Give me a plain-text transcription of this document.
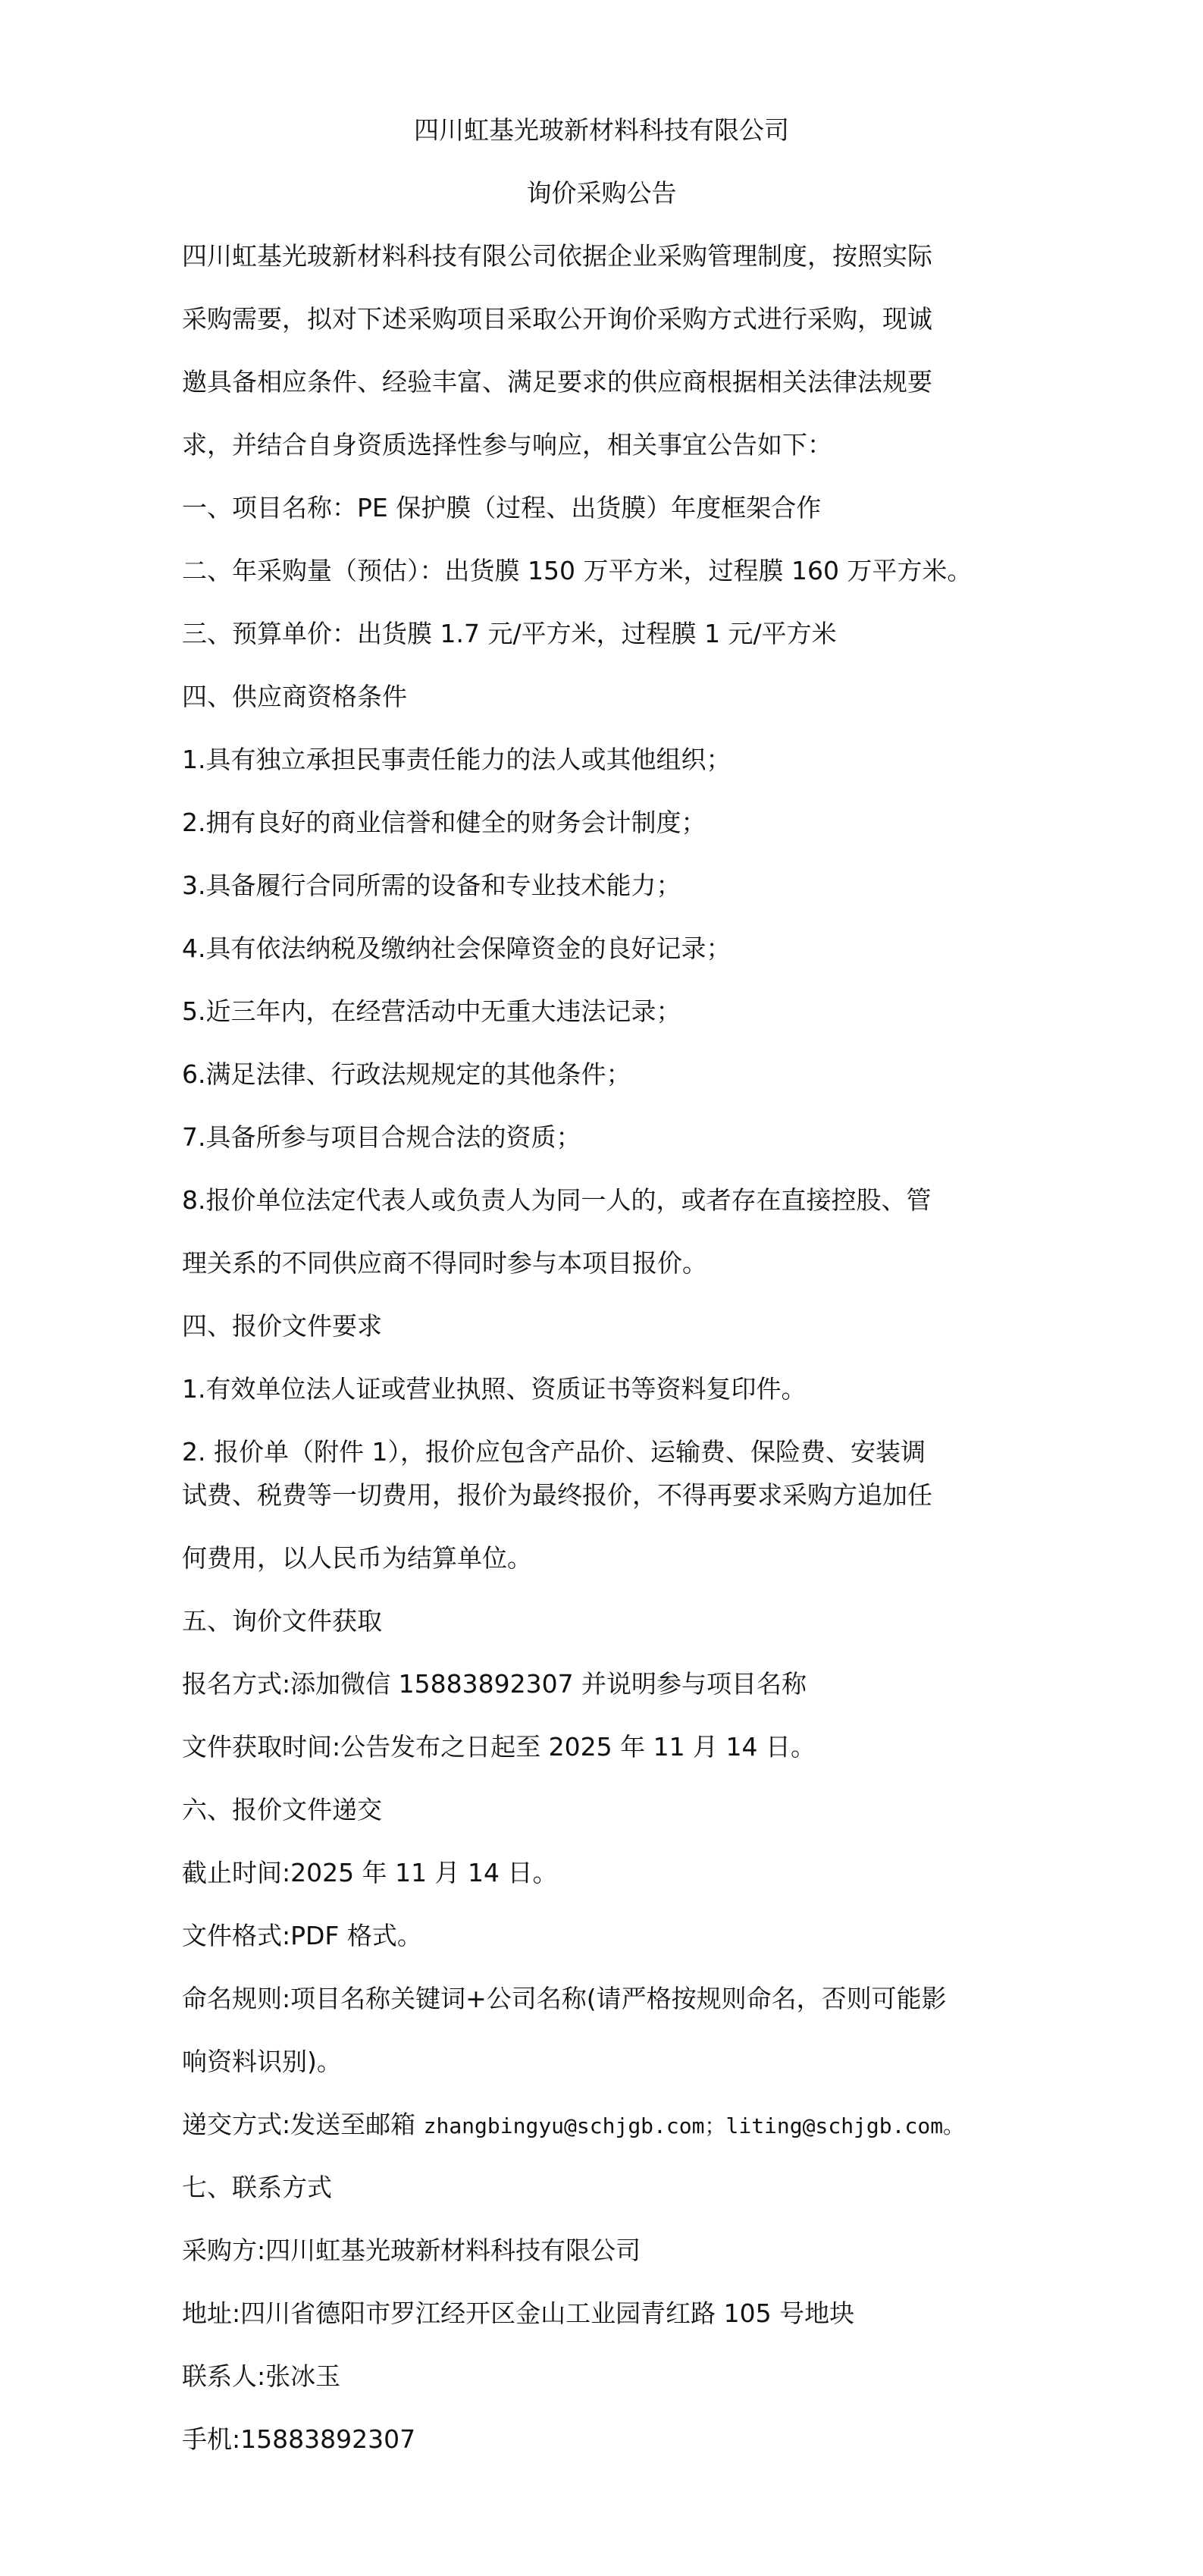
四川虹基光玻新材料科技有限公司

询价采购公告

四川虹基光玻新材料科技有限公司依据企业采购管理制度，按照实际

采购需要，拟对下述采购项目采取公开询价采购方式进行采购，现诚

邀具备相应条件、经验丰富、满足要求的供应商根据相关法律法规要

求，并结合自身资质选择性参与响应，相关事宜公告如下：

一、项目名称：PE 保护膜（过程、出货膜）年度框架合作

二、年采购量（预估）：出货膜 150 万平方米，过程膜 160 万平方米。

三、预算单价：出货膜 1.7 元/平方米，过程膜 1 元/平方米

四、供应商资格条件

1.具有独立承担民事责任能力的法人或其他组织；

2.拥有良好的商业信誉和健全的财务会计制度；

3.具备履行合同所需的设备和专业技术能力；

4.具有依法纳税及缴纳社会保障资金的良好记录；

5.近三年内，在经营活动中无重大违法记录；

6.满足法律、行政法规规定的其他条件；

7.具备所参与项目合规合法的资质；

8.报价单位法定代表人或负责人为同一人的，或者存在直接控股、管

理关系的不同供应商不得同时参与本项目报价。

四、报价文件要求

1.有效单位法人证或营业执照、资质证书等资料复印件。

2. 报价单（附件 1），报价应包含产品价、运输费、保险费、安装调

试费、税费等一切费用，报价为最终报价，不得再要求采购方追加任

何费用，以人民币为结算单位。

五、询价文件获取

报名方式:添加微信 15883892307 并说明参与项目名称

文件获取时间:公告发布之日起至 2025 年 11 月 14 日。

六、报价文件递交

截止时间:2025 年 11 月 14 日。

文件格式:PDF 格式。

命名规则:项目名称关键词+公司名称(请严格按规则命名，否则可能影

响资料识别)。

递交方式:发送至邮箱 zhangbingyu@schjgb.com；liting@schjgb.com。

七、联系方式

采购方:四川虹基光玻新材料科技有限公司

地址:四川省德阳市罗江经开区金山工业园青红路 105 号地块

联系人:张冰玉

手机:15883892307
